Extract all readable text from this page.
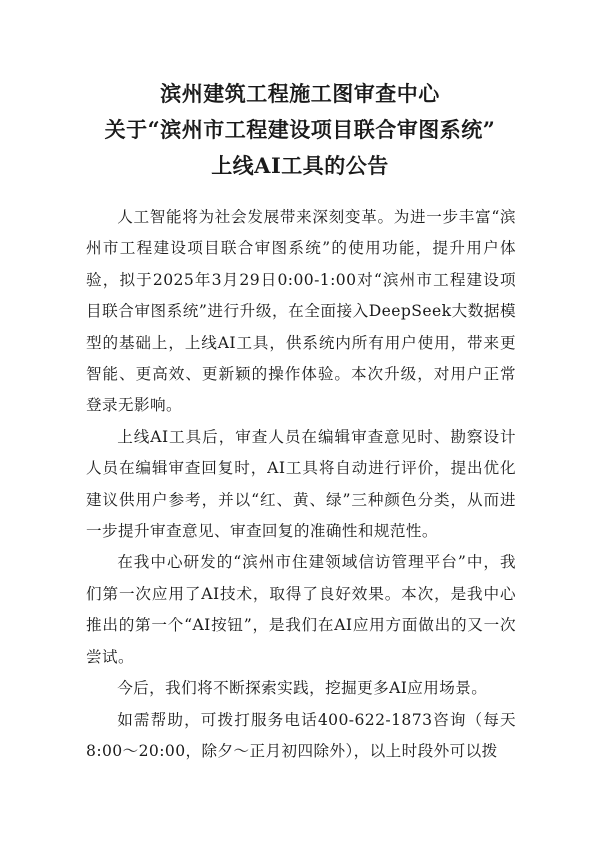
滨州建筑工程施工图审查中心
关于“滨州市工程建设项目联合审图系统”
上线AI工具的公告

人工智能将为社会发展带来深刻变革。为进一步丰富“滨州市工程建设项目联合审图系统”的使用功能，提升用户体验，拟于2025年3月29日0:00-1:00对“滨州市工程建设项目联合审图系统”进行升级，在全面接入DeepSeek大数据模型的基础上，上线AI工具，供系统内所有用户使用，带来更智能、更高效、更新颖的操作体验。本次升级，对用户正常登录无影响。

上线AI工具后，审查人员在编辑审查意见时、勘察设计人员在编辑审查回复时，AI工具将自动进行评价，提出优化建议供用户参考，并以“红、黄、绿”三种颜色分类，从而进一步提升审查意见、审查回复的准确性和规范性。

在我中心研发的“滨州市住建领域信访管理平台”中，我们第一次应用了AI技术，取得了良好效果。本次，是我中心推出的第一个“AI按钮”，是我们在AI应用方面做出的又一次尝试。

今后，我们将不断探索实践，挖掘更多AI应用场景。

如需帮助，可拨打服务电话400-622-1873咨询（每天8:00～20:00，除夕～正月初四除外），以上时段外可以拨
